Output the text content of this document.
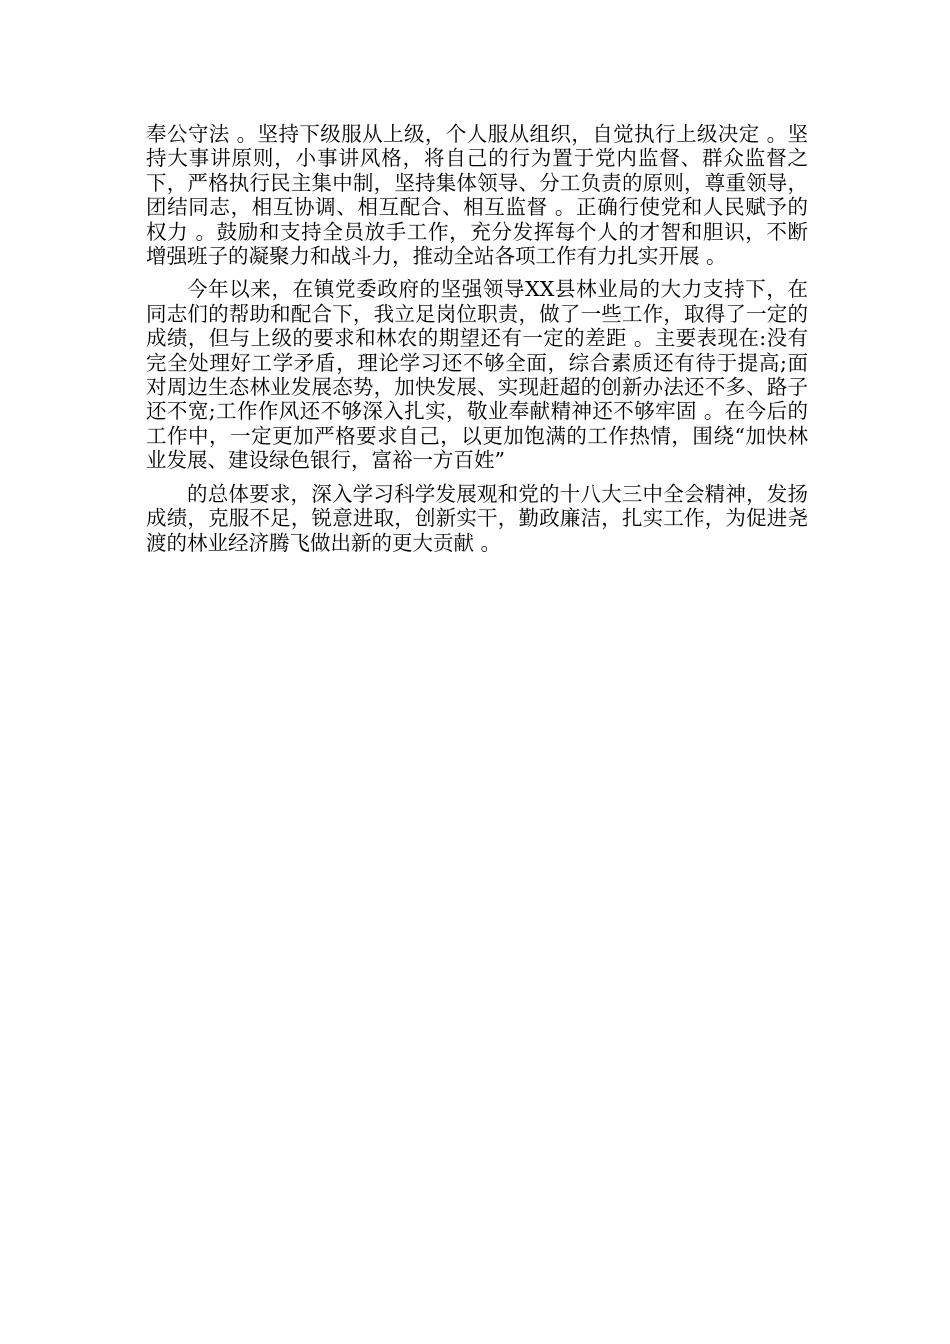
奉公守法 。坚持下级服从上级，个人服从组织，自觉执行上级决定 。坚持大事讲原则，小事讲风格，将自己的行为置于党内监督、群众监督之下，严格执行民主集中制，坚持集体领导、分工负责的原则，尊重领导，团结同志，相互协调、相互配合、相互监督 。正确行使党和人民赋予的权力 。鼓励和支持全员放手工作，充分发挥每个人的才智和胆识，不断增强班子的凝聚力和战斗力，推动全站各项工作有力扎实开展 。

今年以来，在镇党委政府的坚强领导XX县林业局的大力支持下，在同志们的帮助和配合下，我立足岗位职责，做了一些工作，取得了一定的成绩，但与上级的要求和林农的期望还有一定的差距 。主要表现在:没有完全处理好工学矛盾，理论学习还不够全面，综合素质还有待于提高;面对周边生态林业发展态势，加快发展、实现赶超的创新办法还不多、路子还不宽;工作作风还不够深入扎实，敬业奉献精神还不够牢固 。在今后的工作中，一定更加严格要求自己，以更加饱满的工作热情，围绕“加快林业发展、建设绿色银行，富裕一方百姓”

的总体要求，深入学习科学发展观和党的十八大三中全会精神，发扬成绩，克服不足，锐意进取，创新实干，勤政廉洁，扎实工作，为促进尧渡的林业经济腾飞做出新的更大贡献 。
